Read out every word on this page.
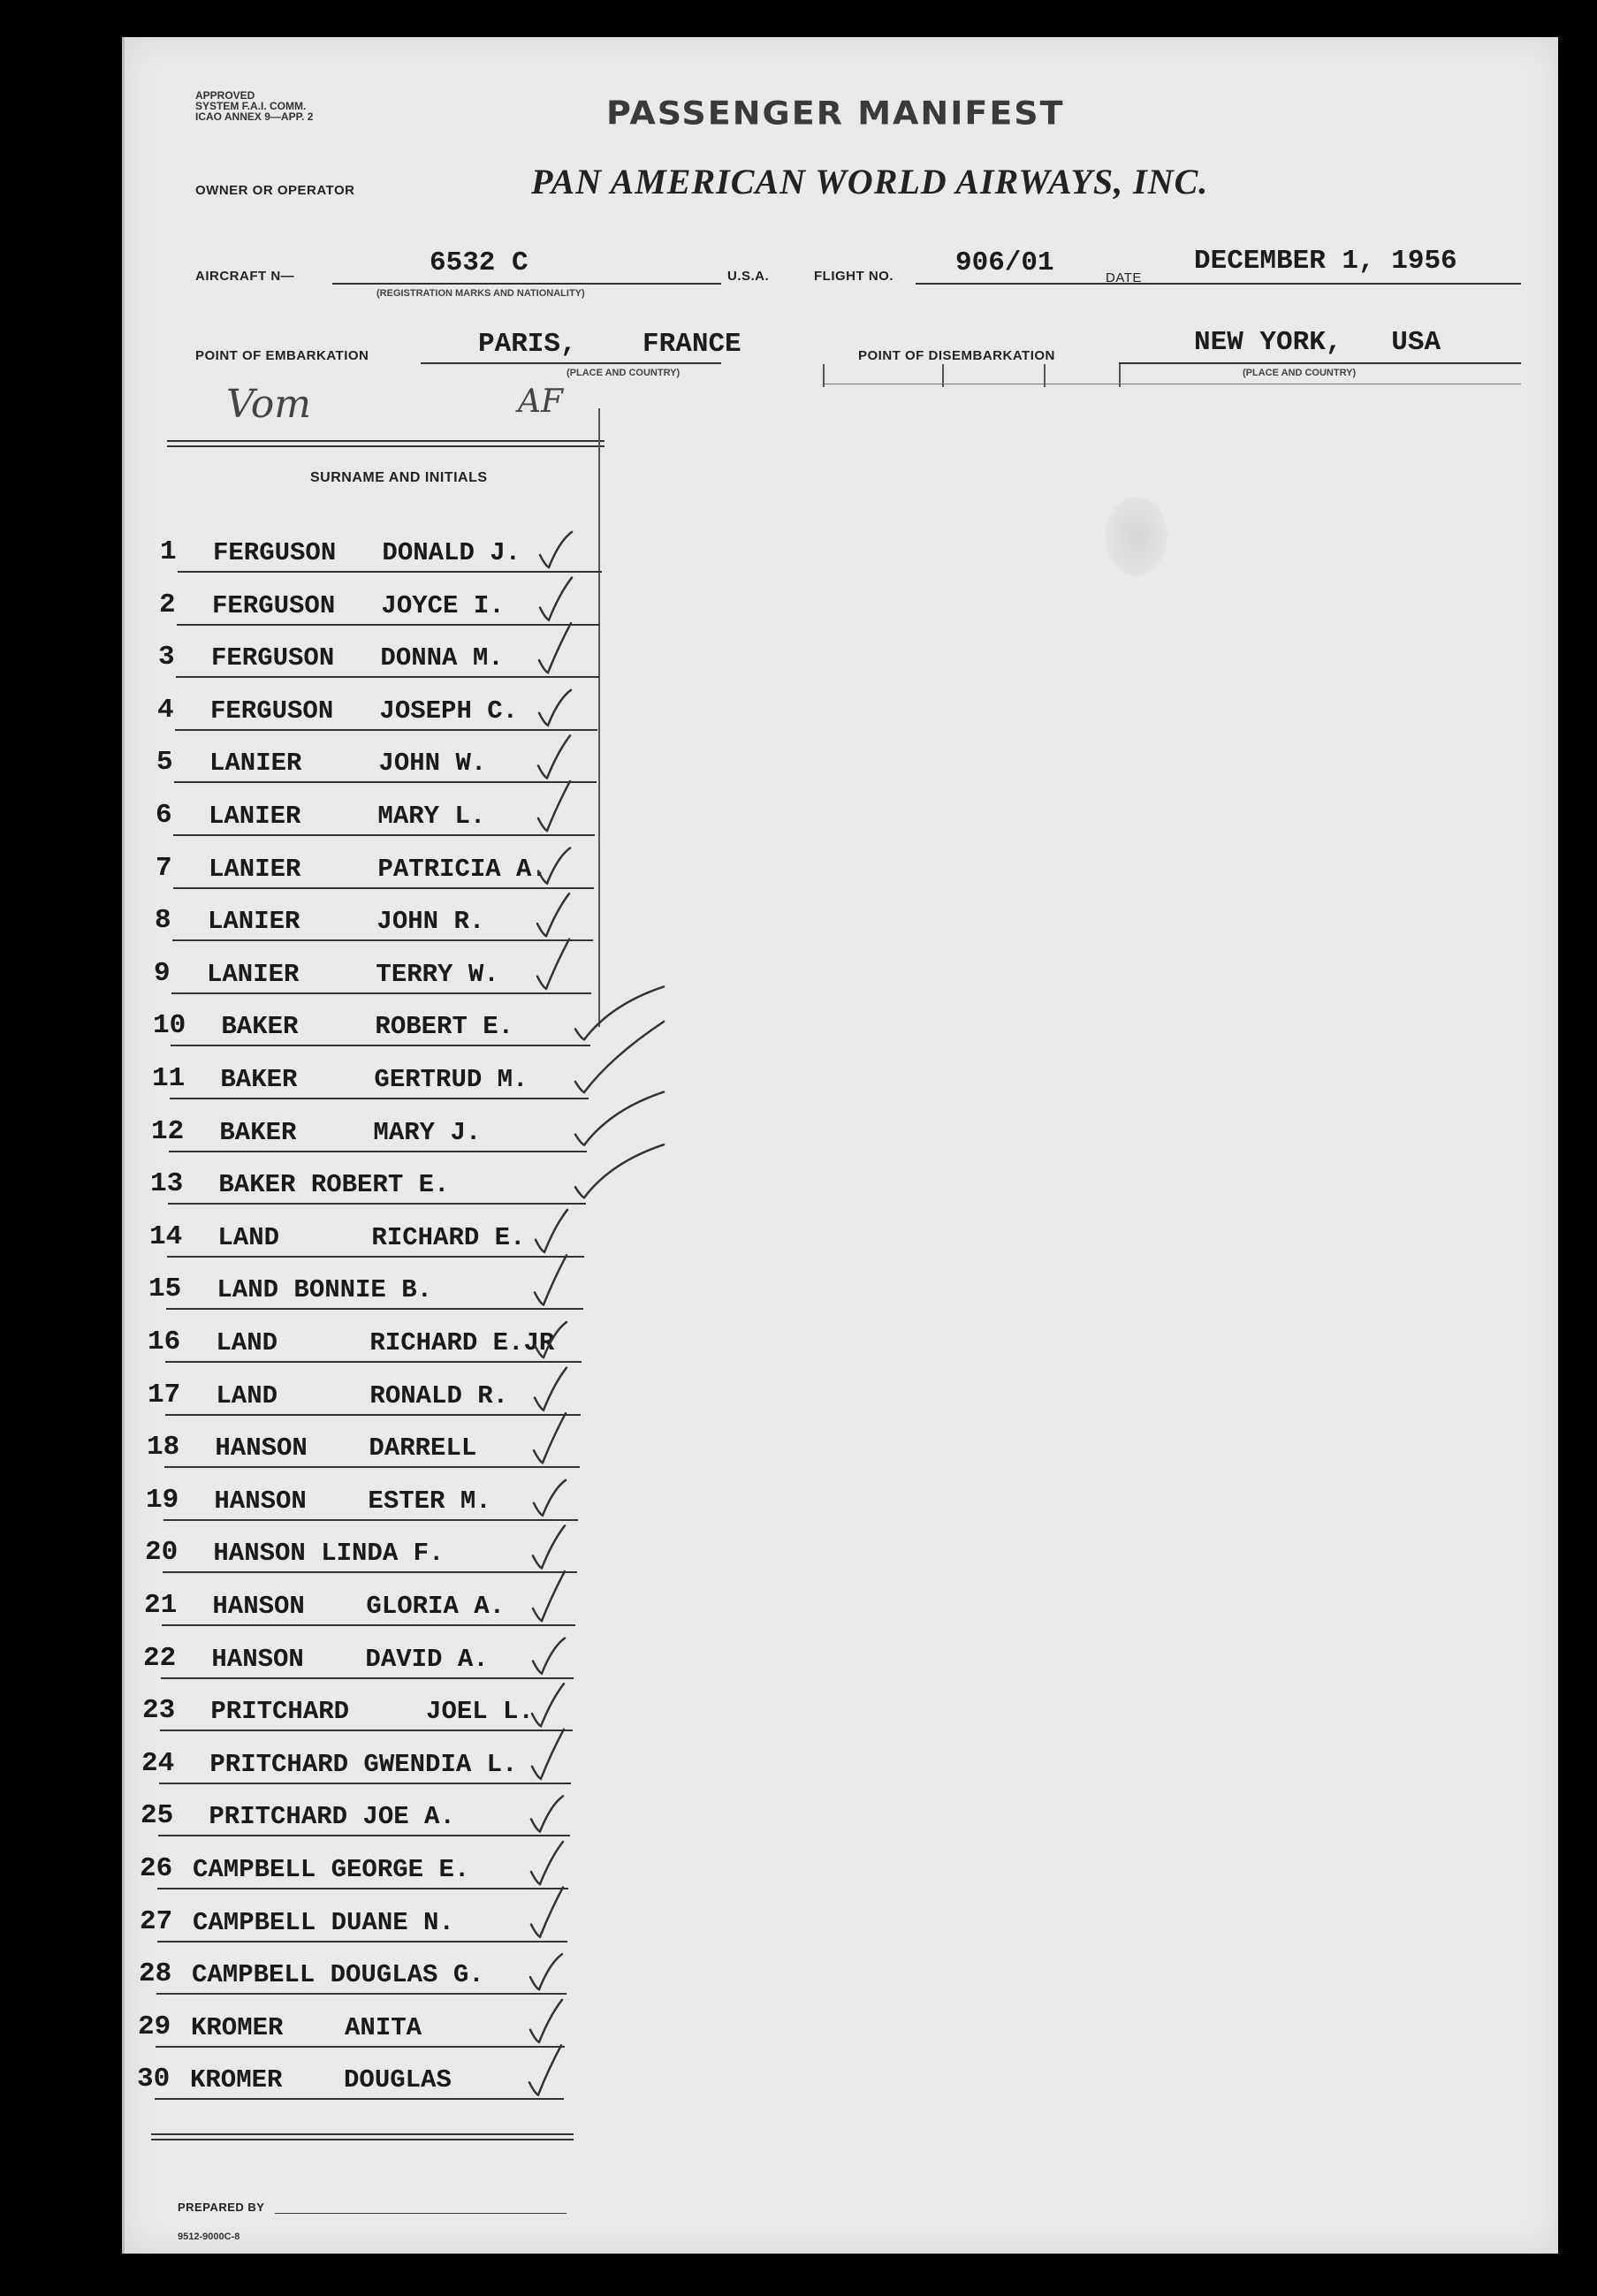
APPROVED
SYSTEM F.A.I. COMM.
ICAO ANNEX 9—APP. 2	PASSENGER MANIFEST
OWNER OR OPERATOR	PAN AMERICAN WORLD AIRWAYS, INC.
AIRCRAFT N—	6532 C
(REGISTRATION MARKS AND NATIONALITY)
U.S.A.	FLIGHT NO.	906/01	DATE
DECEMBER 1, 1956
POINT OF EMBARKATION	PARIS,    FRANCE
(PLACE AND COUNTRY)
POINT OF DISEMBARKATION	NEW YORK,   USA
(PLACE AND COUNTRY)
Vom	AF
SURNAME AND INITIALS
1	FERGUSON   DONALD J.
2	FERGUSON   JOYCE I.
3	FERGUSON   DONNA M.
4	FERGUSON   JOSEPH C.
5	LANIER     JOHN W.
6	LANIER     MARY L.
7	LANIER     PATRICIA A.
8	LANIER     JOHN R.
9	LANIER     TERRY W.
10 BAKER     ROBERT E.
11 BAKER     GERTRUD M.
12 BAKER     MARY J.
13 BAKER ROBERT E.
14 LAND      RICHARD E.
15 LAND BONNIE B.
16 LAND      RICHARD E.JR
17 LAND      RONALD R.
18 HANSON    DARRELL
19 HANSON    ESTER M.
20 HANSON LINDA F.
21 HANSON    GLORIA A.
22 HANSON    DAVID A.
23 PRITCHARD     JOEL L.
24 PRITCHARD GWENDIA L.
25 PRITCHARD JOE A.
26 CAMPBELL GEORGE E.
27 CAMPBELL DUANE N.
28 CAMPBELL DOUGLAS G.
29 KROMER    ANITA
30 KROMER    DOUGLAS
PREPARED BY
9512-9000C-8
